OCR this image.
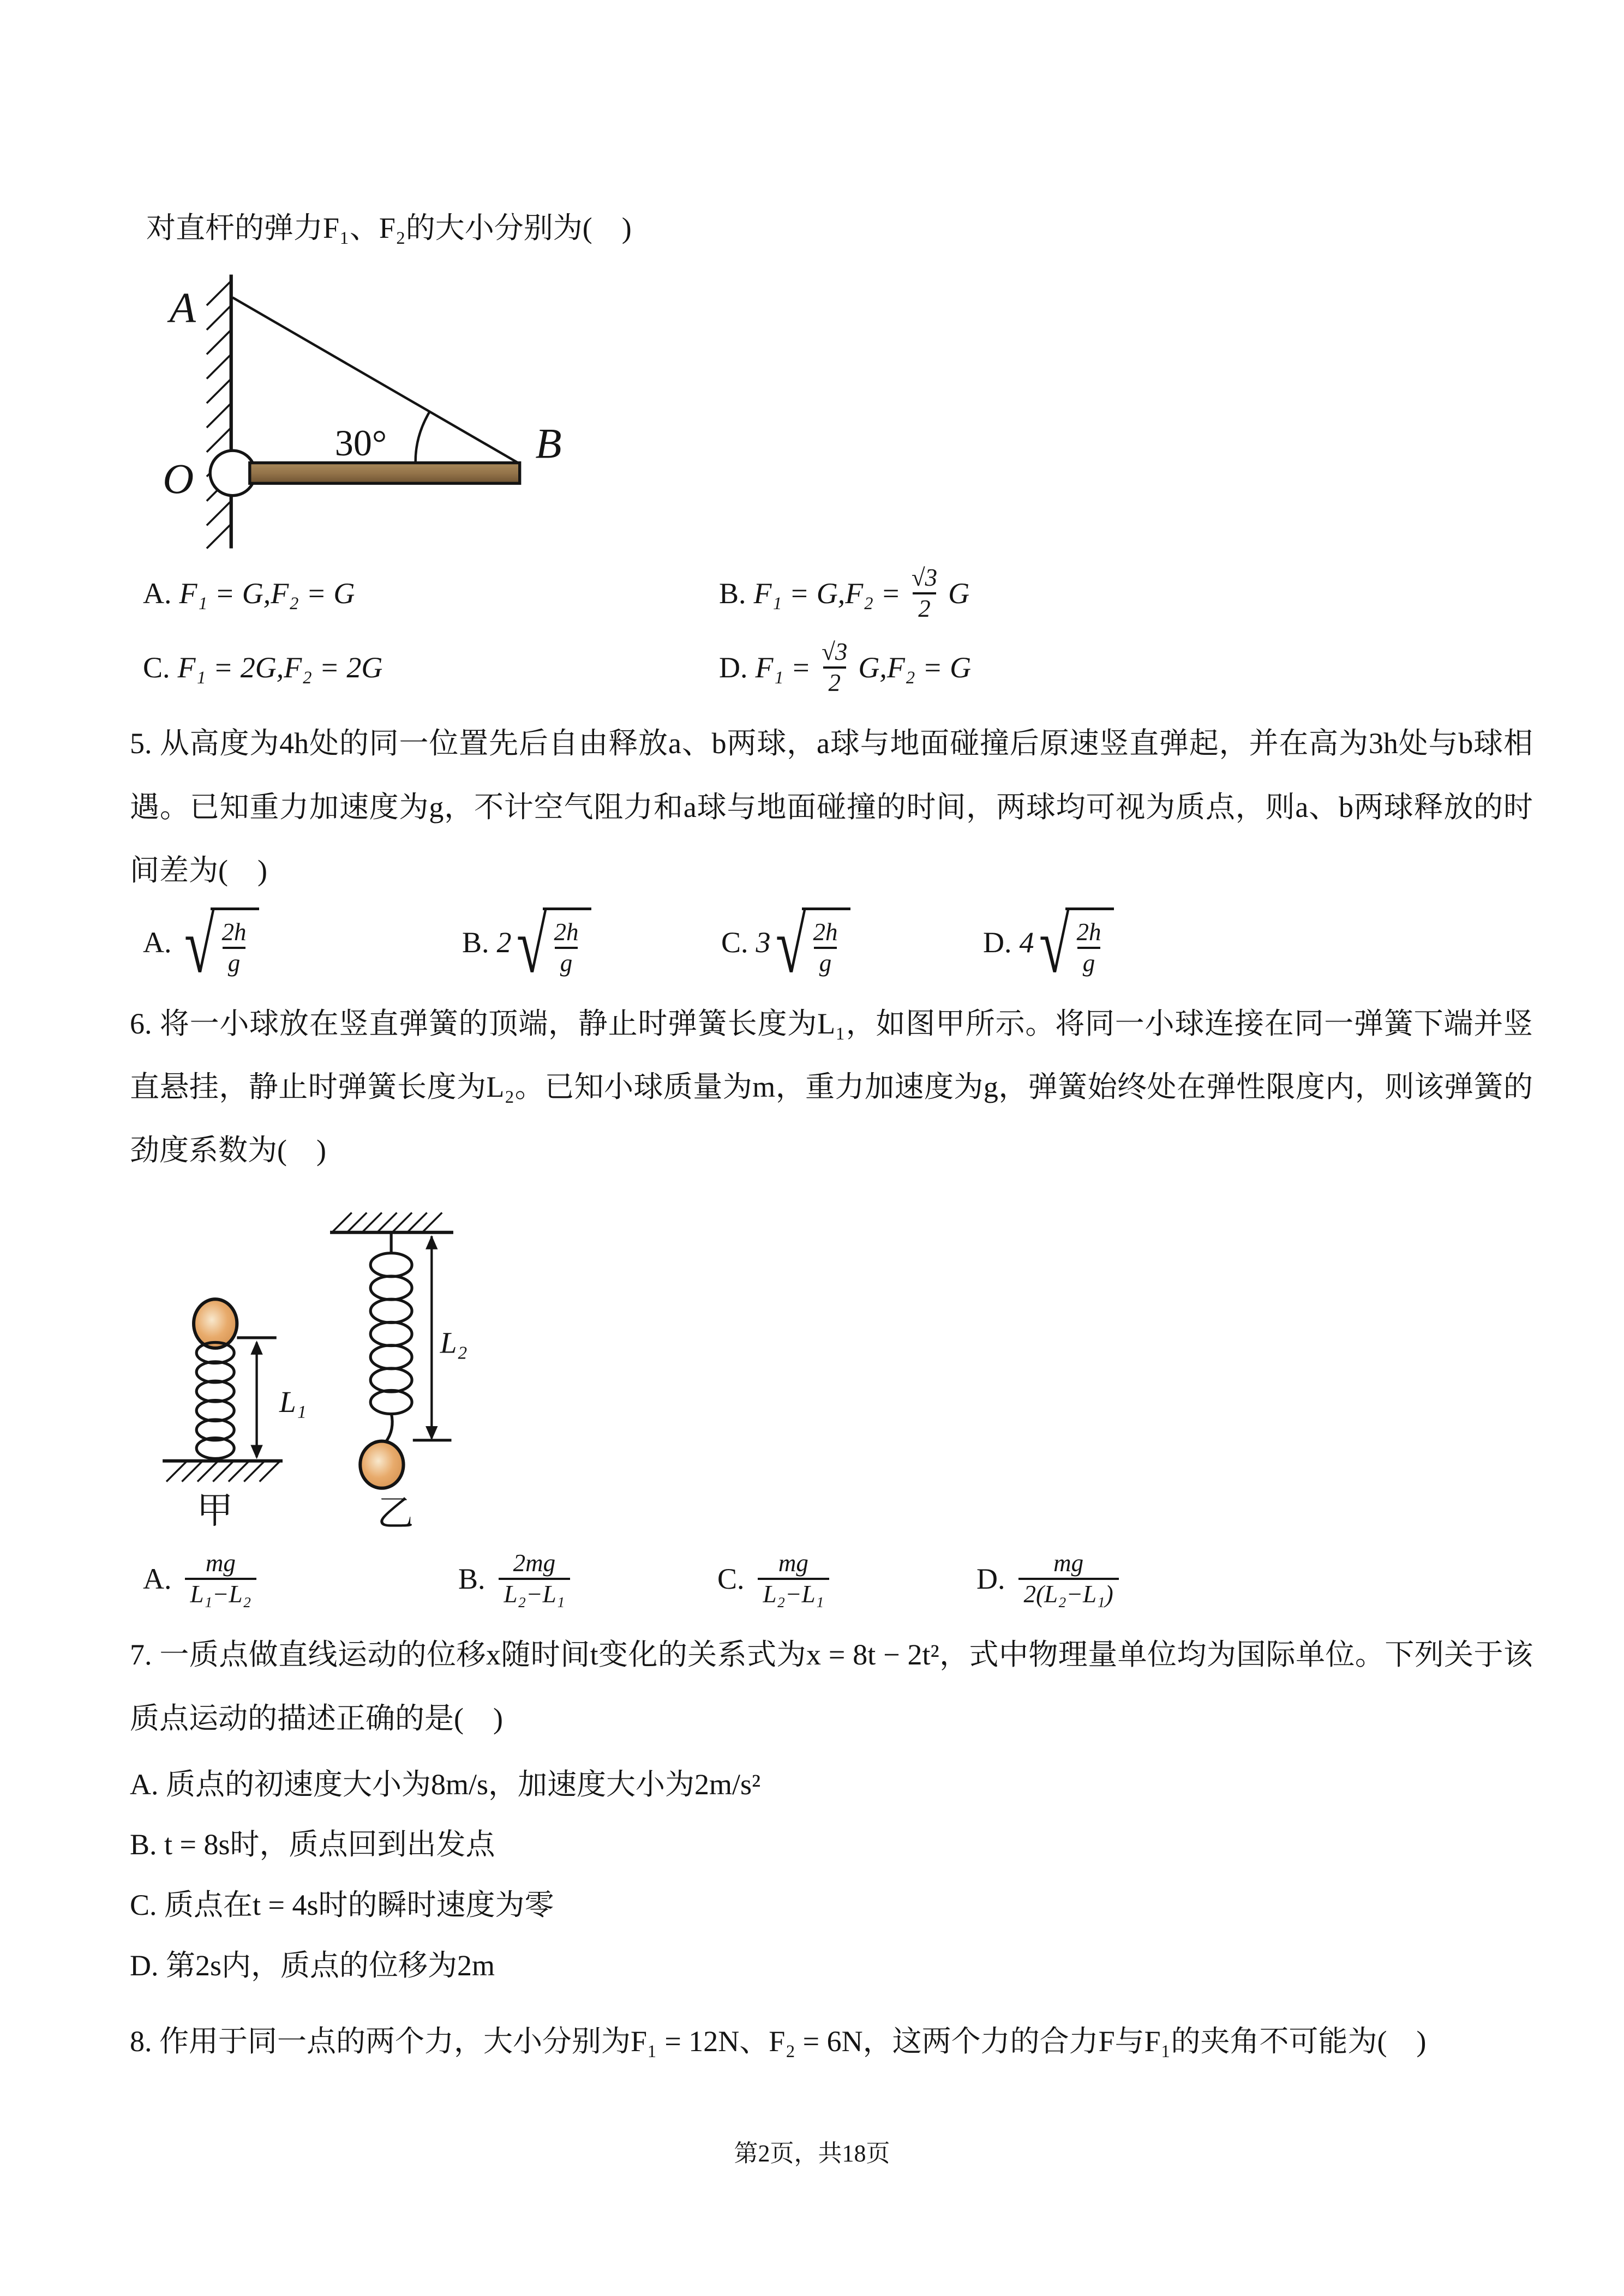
对直杆的弹力F₁、F₂的大小分别为(　)

30°
A
O
B
A. F₁ = G,F₂ = G	B. $F_1 = G,F_2 = \frac{√3}{2}$ G
C. F₁ = 2G,F₂ = 2G	D. $F_1 = \frac{√3}{2} G,F_2 = G$

5. 从高度为4h处的同一位置先后自由释放a、b两球，a球与地面碰撞后原速竖直弹起，并在高为3h处与b球相遇。已知重力加速度为g，不计空气阻力和a球与地面碰撞的时间，两球均可视为质点，则a、b两球释放的时间差为(　)

A. √ $\frac{2h}{g}$	B. 2 √ $\frac{2h}{g}$	C. 3 √ $\frac{2h}{g}$	D. 4 √ $\frac{2h}{g}$

6. 将一小球放在竖直弹簧的顶端，静止时弹簧长度为L₁，如图甲所示。将同一小球连接在同一弹簧下端并竖直悬挂，静止时弹簧长度为L₂。已知小球质量为m，重力加速度为g，弹簧始终处在弹性限度内，则该弹簧的劲度系数为(　)

L₁
甲
L₂
乙
A. $\frac{mg}{\text{L₁−L₂}}$	B. $\frac{2mg}{\text{L₂−L₁}}$	C. $\frac{mg}{\text{L₂−L₁}}$	D. $\frac{mg}{\text{2(L₂−L₁)}}$

7. 一质点做直线运动的位移x随时间t变化的关系式为x = 8t − 2t²，式中物理量单位均为国际单位。下列关于该质点运动的描述正确的是(　)

A. 质点的初速度大小为8m/s，加速度大小为2m/s²

B. t = 8s时，质点回到出发点

C. 质点在t = 4s时的瞬时速度为零

D. 第2s内，质点的位移为2m

8. 作用于同一点的两个力，大小分别为F₁ = 12N、F₂ = 6N，这两个力的合力F与F₁的夹角不可能为(　)

第2页，共18页
